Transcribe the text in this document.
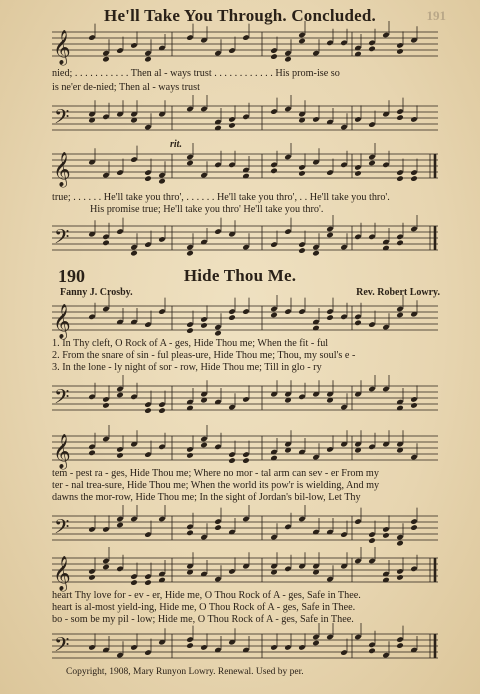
191
He'll Take You Through. Concluded.
𝄞
nied; . . . . . . . . . . . Then al - ways trust . . . . . . . . . . . . His prom-ise so
is ne'er de-nied; Then al - ways trust
𝄢
rit.
𝄞
true; . . . . . . He'll take you thro', . . . . . . He'll take you thro', . . He'll take you thro'.
His promise true; He'll take you thro' He'll take you thro'.
𝄢
190	Hide Thou Me.
Fanny J. Crosby.	Rev. Robert Lowry.
𝄞
1. In Thy cleft, O Rock of A - ges, Hide Thou me; When the fit - ful
2. From the snare of sin - ful pleas-ure, Hide Thou me; Thou, my soul's e -
3. In the lone - ly night of sor - row, Hide Thou me; Till in glo - ry
𝄢
𝄞
tem - pest ra - ges, Hide Thou me; Where no mor - tal arm can sev - er From my
ter - nal trea-sure, Hide Thou me; When the world its pow'r is wielding, And my
dawns the mor-row, Hide Thou me; In the sight of Jordan's bil-low, Let Thy
𝄢
𝄞
heart Thy love for - ev - er, Hide me, O Thou Rock of A - ges, Safe in Thee.
heart is al-most yield-ing, Hide me, O Thou Rock of A - ges, Safe in Thee.
bo - som be my pil - low; Hide me, O Thou Rock of A - ges, Safe in Thee.
𝄢
Copyright, 1908, Mary Runyon Lowry. Renewal. Used by per.
